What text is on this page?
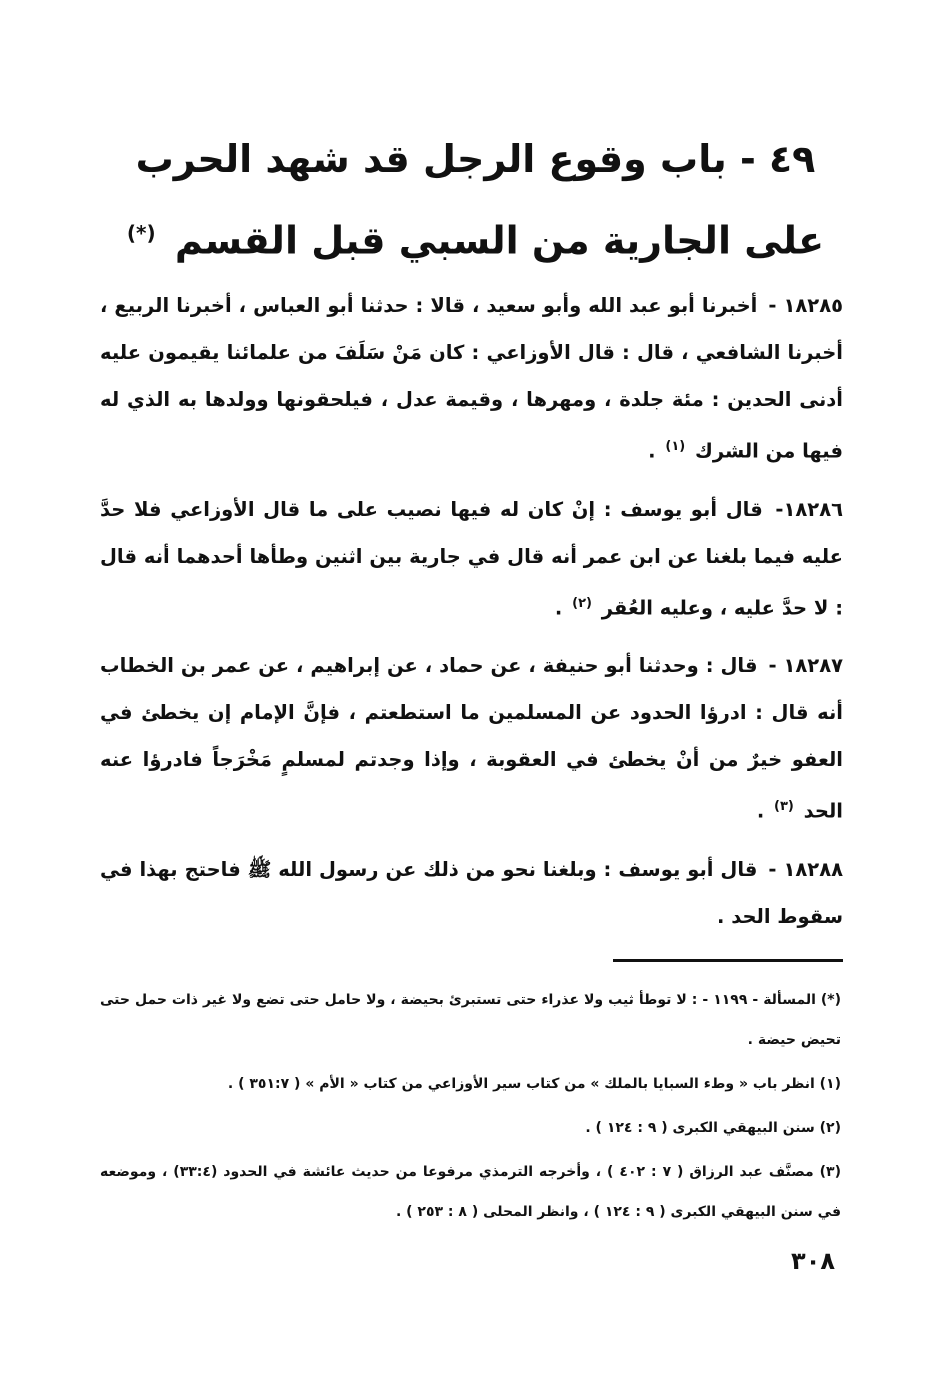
٤٩ - باب وقوع الرجل قد شهد الحرب على الجارية من السبي قبل القسم (*)

١٨٢٨٥ - أخبرنا أبو عبد الله وأبو سعيد ، قالا : حدثنا أبو العباس ، أخبرنا الربيع ، أخبرنا الشافعي ، قال : قال الأوزاعي : كان مَنْ سَلَفَ من علمائنا يقيمون عليه أدنى الحدين : مئة جلدة ، ومهرها ، وقيمة عدل ، فيلحقونها وولدها به الذي له فيها من الشرك $^{(١)}$ .

١٨٢٨٦- قال أبو يوسف : إنْ كان له فيها نصيب على ما قال الأوزاعي فلا حدَّ عليه فيما بلغنا عن ابن عمر أنه قال في جارية بين اثنين وطأها أحدهما أنه قال : لا حدَّ عليه ، وعليه العُقر $^{(٢)}$ .

١٨٢٨٧ - قال : وحدثنا أبو حنيفة ، عن حماد ، عن إبراهيم ، عن عمر بن الخطاب أنه قال : ادرؤا الحدود عن المسلمين ما استطعتم ، فإنَّ الإمام إن يخطئ في العفو خيرٌ من أنْ يخطئ في العقوبة ، وإذا وجدتم لمسلمٍ مَخْرَجاً فادرؤا عنه الحد $^{(٣)}$ .

١٨٢٨٨ - قال أبو يوسف : وبلغنا نحو من ذلك عن رسول الله ﷺ فاحتج بهذا في سقوط الحد .

(*) المسألة - ١١٩٩ - : لا توطأ ثيب ولا عذراء حتى تستبرئ بحيضة ، ولا حامل حتى تضع ولا غير ذات حمل حتى تحيض حيضة .

(١) انظر باب « وطء السبايا بالملك » من كتاب سير الأوزاعي من كتاب « الأم » ( ٣٥١:٧ ) .

(٢) سنن البيهقي الكبرى ( ٩ : ١٢٤ ) .

(٣) مصنَّف عبد الرزاق ( ٧ : ٤٠٢ ) ، وأخرجه الترمذي مرفوعا من حديث عائشة في الحدود (٣٣:٤) ، وموضعه في سنن البيهقي الكبرى ( ٩ : ١٢٤ ) ، وانظر المحلى ( ٨ : ٢٥٣ ) .

٣٠٨
